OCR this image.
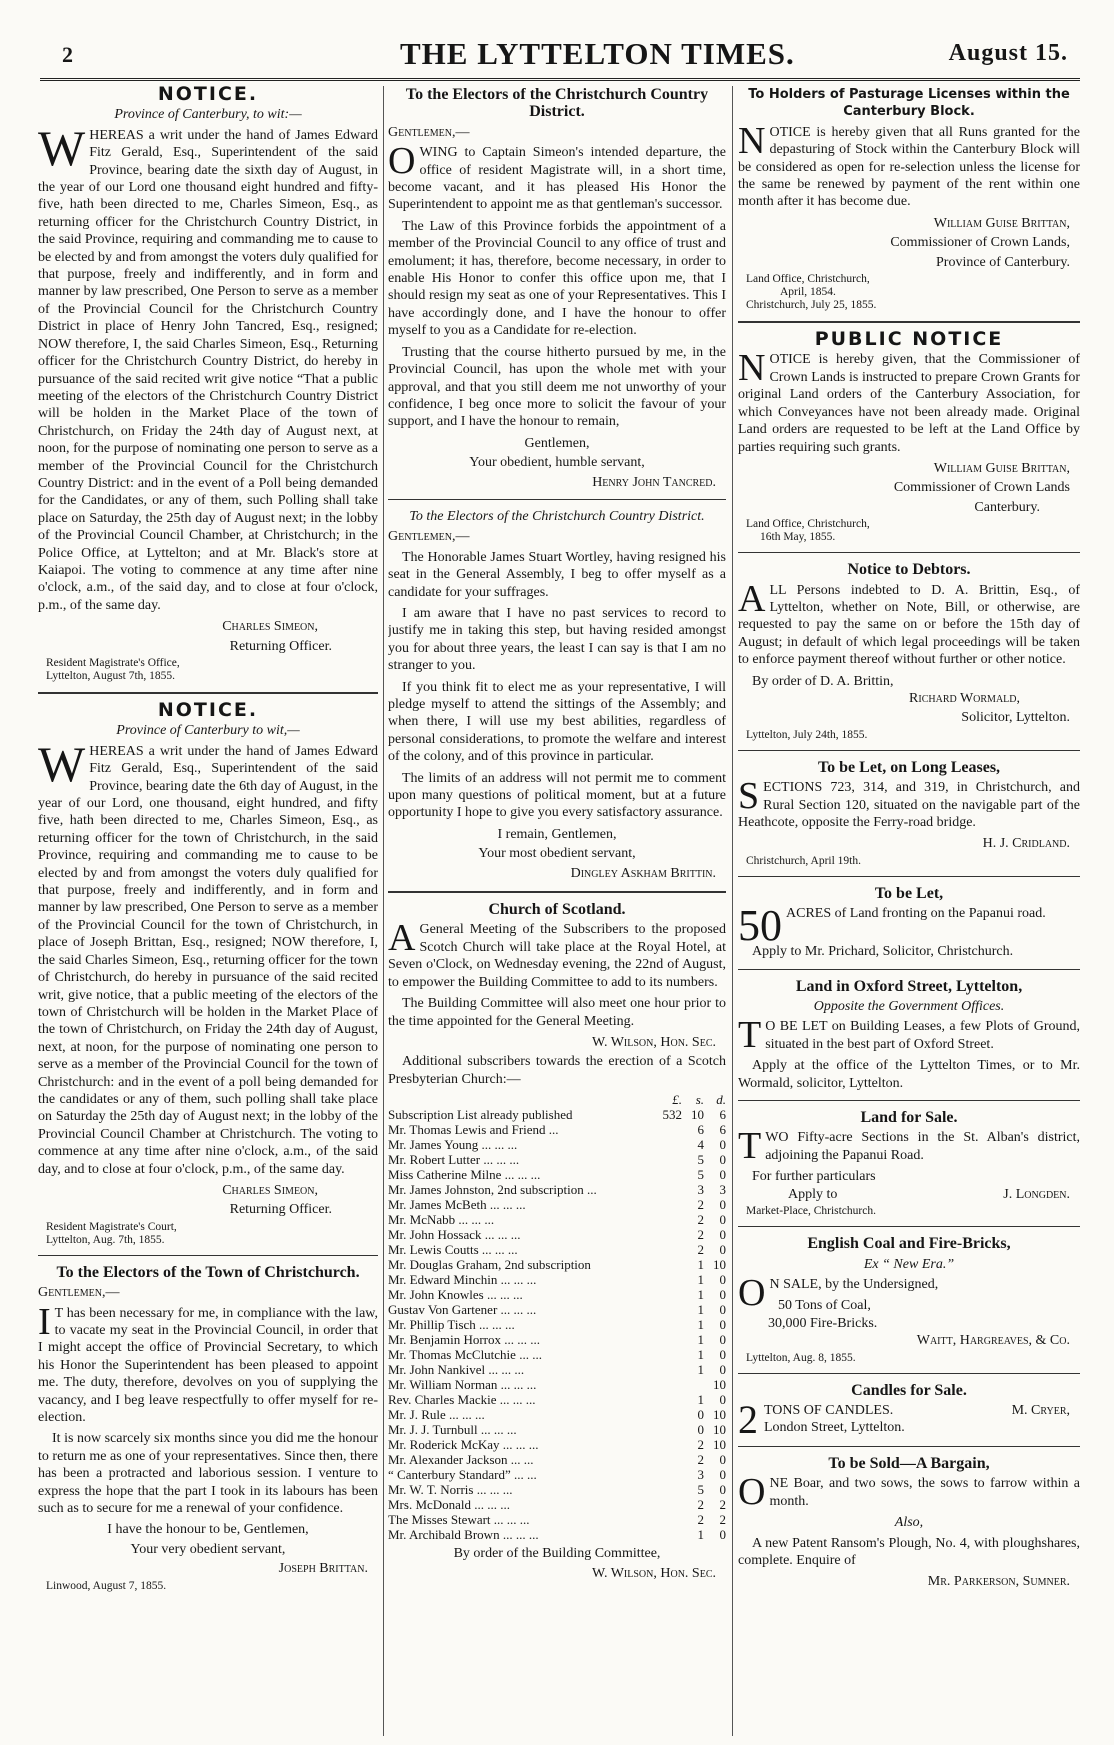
2	THE LYTTELTON TIMES.	August 15.
NOTICE.
Province of Canterbury, to wit:—

WHEREAS a writ under the hand of James Edward Fitz Gerald, Esq., Superintendent of the said Province, bearing date the sixth day of August, in the year of our Lord one thousand eight hundred and fifty-five, hath been directed to me, Charles Simeon, Esq., as returning officer for the Christchurch Country District, in the said Province, requiring and commanding me to cause to be elected by and from amongst the voters duly qualified for that purpose, freely and indifferently, and in form and manner by law prescribed, One Person to serve as a member of the Provincial Council for the Christchurch Country District in place of Henry John Tancred, Esq., resigned; NOW therefore, I, the said Charles Simeon, Esq., Returning officer for the Christchurch Country District, do hereby in pursuance of the said recited writ give notice “That a public meeting of the electors of the Christchurch Country District will be holden in the Market Place of the town of Christchurch, on Friday the 24th day of August next, at noon, for the purpose of nominating one person to serve as a member of the Provincial Council for the Christchurch Country District: and in the event of a Poll being demanded for the Candidates, or any of them, such Polling shall take place on Saturday, the 25th day of August next; in the lobby of the Provincial Council Chamber, at Christchurch; in the Police Office, at Lyttelton; and at Mr. Black's store at Kaiapoi. The voting to commence at any time after nine o'clock, a.m., of the said day, and to close at four o'clock, p.m., of the same day.

Charles Simeon,
Returning Officer.
Resident Magistrate's Office,
Lyttelton, August 7th, 1855.
NOTICE.
Province of Canterbury to wit,—

WHEREAS a writ under the hand of James Edward Fitz Gerald, Esq., Superintendent of the said Province, bearing date the 6th day of August, in the year of our Lord, one thousand, eight hundred, and fifty five, hath been directed to me, Charles Simeon, Esq., as returning officer for the town of Christchurch, in the said Province, requiring and commanding me to cause to be elected by and from amongst the voters duly qualified for that purpose, freely and indifferently, and in form and manner by law prescribed, One Person to serve as a member of the Provincial Council for the town of Christchurch, in place of Joseph Brittan, Esq., resigned; NOW therefore, I, the said Charles Simeon, Esq., returning officer for the town of Christchurch, do hereby in pursuance of the said recited writ, give notice, that a public meeting of the electors of the town of Christchurch will be holden in the Market Place of the town of Christchurch, on Friday the 24th day of August, next, at noon, for the purpose of nominating one person to serve as a member of the Provincial Council for the town of Christchurch: and in the event of a poll being demanded for the candidates or any of them, such polling shall take place on Saturday the 25th day of August next; in the lobby of the Provincial Council Chamber at Christchurch. The voting to commence at any time after nine o'clock, a.m., of the said day, and to close at four o'clock, p.m., of the same day.

Charles Simeon,
Returning Officer.
Resident Magistrate's Court,
Lyttelton, Aug. 7th, 1855.
To the Electors of the Town of Christchurch.
Gentlemen,—

I T has been necessary for me, in compliance with the law, to vacate my seat in the Provincial Council, in order that I might accept the office of Provincial Secretary, to which his Honor the Superintendent has been pleased to appoint me. The duty, therefore, devolves on you of supplying the vacancy, and I beg leave respectfully to offer myself for re-election.

It is now scarcely six months since you did me the honour to return me as one of your representatives. Since then, there has been a protracted and laborious session. I venture to express the hope that the part I took in its labours has been such as to secure for me a renewal of your confidence.

I have the honour to be, Gentlemen,
Your very obedient servant,
Joseph Brittan.
Linwood, August 7, 1855.
To the Electors of the Christchurch Country District.
Gentlemen,—

OWING to Captain Simeon's intended departure, the office of resident Magistrate will, in a short time, become vacant, and it has pleased His Honor the Superintendent to appoint me as that gentleman's successor.

The Law of this Province forbids the appointment of a member of the Provincial Council to any office of trust and emolument; it has, therefore, become necessary, in order to enable His Honor to confer this office upon me, that I should resign my seat as one of your Representatives. This I have accordingly done, and I have the honour to offer myself to you as a Candidate for re-election.

Trusting that the course hitherto pursued by me, in the Provincial Council, has upon the whole met with your approval, and that you still deem me not unworthy of your confidence, I beg once more to solicit the favour of your support, and I have the honour to remain,

Gentlemen,
Your obedient, humble servant,
Henry John Tancred.
To the Electors of the Christchurch Country District.
Gentlemen,—

The Honorable James Stuart Wortley, having resigned his seat in the General Assembly, I beg to offer myself as a candidate for your suffrages.

I am aware that I have no past services to record to justify me in taking this step, but having resided amongst you for about three years, the least I can say is that I am no stranger to you.

If you think fit to elect me as your representative, I will pledge myself to attend the sittings of the Assembly; and when there, I will use my best abilities, regardless of personal considerations, to promote the welfare and interest of the colony, and of this province in particular.

The limits of an address will not permit me to comment upon many questions of political moment, but at a future opportunity I hope to give you every satisfactory assurance.

I remain, Gentlemen,
Your most obedient servant,
Dingley Askham Brittin.
Church of Scotland.

A General Meeting of the Subscribers to the proposed Scotch Church will take place at the Royal Hotel, at Seven o'Clock, on Wednesday evening, the 22nd of August, to empower the Building Committee to add to its numbers.

The Building Committee will also meet one hour prior to the time appointed for the General Meeting.

W. Wilson, Hon. Sec.

Additional subscribers towards the erection of a Scotch Presbyterian Church:—

	£.	s.	d.
Subscription List already published	532	10	6
Mr. Thomas Lewis and Friend ...		6	6
Mr. James Young ... ... ...		4	0
Mr. Robert Lutter ... ... ...		5	0
Miss Catherine Milne ... ... ...		5	0
Mr. James Johnston, 2nd subscription ...		3	3
Mr. James McBeth ... ... ...		2	0
Mr. McNabb ... ... ...		2	0
Mr. John Hossack ... ... ...		2	0
Mr. Lewis Coutts ... ... ...		2	0
Mr. Douglas Graham, 2nd subscription		1	10
Mr. Edward Minchin ... ... ...		1	0
Mr. John Knowles ... ... ...		1	0
Gustav Von Gartener ... ... ...		1	0
Mr. Phillip Tisch ... ... ...		1	0
Mr. Benjamin Horrox ... ... ...		1	0
Mr. Thomas McClutchie ... ...		1	0
Mr. John Nankivel ... ... ...		1	0
Mr. William Norman ... ... ...			10
Rev. Charles Mackie ... ... ...		1	0
Mr. J. Rule ... ... ...		0	10
Mr. J. J. Turnbull ... ... ...		0	10
Mr. Roderick McKay ... ... ...		2	10
Mr. Alexander Jackson ... ...		2	0
“ Canterbury Standard” ... ...		3	0
Mr. W. T. Norris ... ... ...		5	0
Mrs. McDonald ... ... ...		2	2
The Misses Stewart ... ... ...		2	2
Mr. Archibald Brown ... ... ...		1	0
By order of the Building Committee,
W. Wilson, Hon. Sec.
To Holders of Pasturage Licenses within the Canterbury Block.

NOTICE is hereby given that all Runs granted for the depasturing of Stock within the Canterbury Block will be considered as open for re-selection unless the license for the same be renewed by payment of the rent within one month after it has become due.

William Guise Brittan,
Commissioner of Crown Lands,
Province of Canterbury.
Land Office, Christchurch,
April, 1854.
Christchurch, July 25, 1855.
PUBLIC NOTICE

NOTICE is hereby given, that the Commissioner of Crown Lands is instructed to prepare Crown Grants for original Land orders of the Canterbury Association, for which Conveyances have not been already made. Original Land orders are requested to be left at the Land Office by parties requiring such grants.

William Guise Brittan,
Commissioner of Crown Lands
Canterbury.
Land Office, Christchurch,
16th May, 1855.
Notice to Debtors.

ALL Persons indebted to D. A. Brittin, Esq., of Lyttelton, whether on Note, Bill, or otherwise, are requested to pay the same on or before the 15th day of August; in default of which legal proceedings will be taken to enforce payment thereof without further or other notice.

By order of D. A. Brittin,
Richard Wormald,
Solicitor, Lyttelton.
Lyttelton, July 24th, 1855.
To be Let, on Long Leases,

SECTIONS 723, 314, and 319, in Christchurch, and Rural Section 120, situated on the navigable part of the Heathcote, opposite the Ferry-road bridge.

H. J. Cridland.
Christchurch, April 19th.
To be Let,

50 ACRES of Land fronting on the Papanui road.

Apply to Mr. Prichard, Solicitor, Christchurch.

Land in Oxford Street, Lyttelton,
Opposite the Government Offices.

T O BE LET on Building Leases, a few Plots of Ground, situated in the best part of Oxford Street.

Apply at the office of the Lyttelton Times, or to Mr. Wormald, solicitor, Lyttelton.

Land for Sale.

TWO Fifty-acre Sections in the St. Alban's district, adjoining the Papanui Road.

For further particulars
Apply to	J. Longden.
Market-Place, Christchurch.
English Coal and Fire-Bricks,
Ex “ New Era.”

O N SALE, by the Undersigned,

50 Tons of Coal,
30,000 Fire-Bricks.
Waitt, Hargreaves, & Co.
Lyttelton, Aug. 8, 1855.
Candles for Sale.
2 TONS OF CANDLES.	M. Cryer,
London Street, Lyttelton.
To be Sold—A Bargain,

ONE Boar, and two sows, the sows to farrow within a month.

Also,

A new Patent Ransom's Plough, No. 4, with ploughshares, complete. Enquire of

Mr. Parkerson, Sumner.
